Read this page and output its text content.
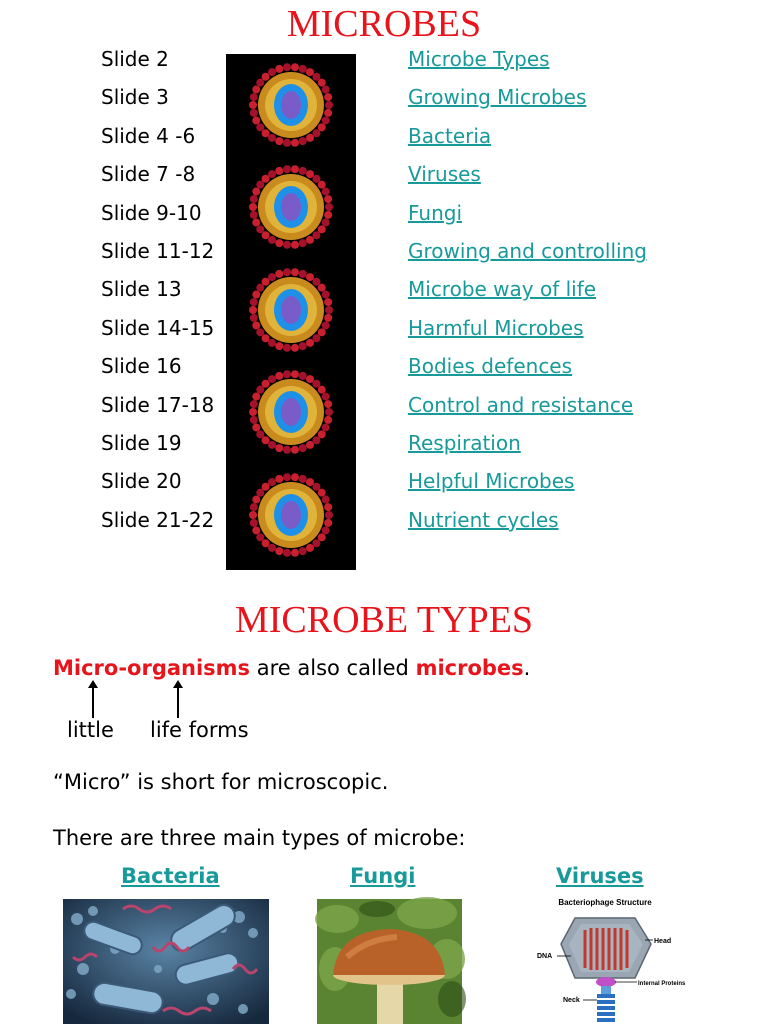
MICROBES
Slide 2	Microbe Types
Slide 3	Growing Microbes
Slide 4 -6	Bacteria
Slide 7 -8	Viruses
Slide 9-10	Fungi
Slide 11-12	Growing and controlling
Slide 13	Microbe way of life
Slide 14-15	Harmful Microbes
Slide 16	Bodies defences
Slide 17-18	Control and resistance
Slide 19	Respiration
Slide 20	Helpful Microbes
Slide 21-22	Nutrient cycles
MICROBE TYPES
Micro-organisms are also called microbes.
little life forms
“Micro” is short for microscopic.
There are three main types of microbe:
Bacteria	Fungi	Viruses
Bacteriophage Structure
Head
DNA
Internal Proteins
Neck
